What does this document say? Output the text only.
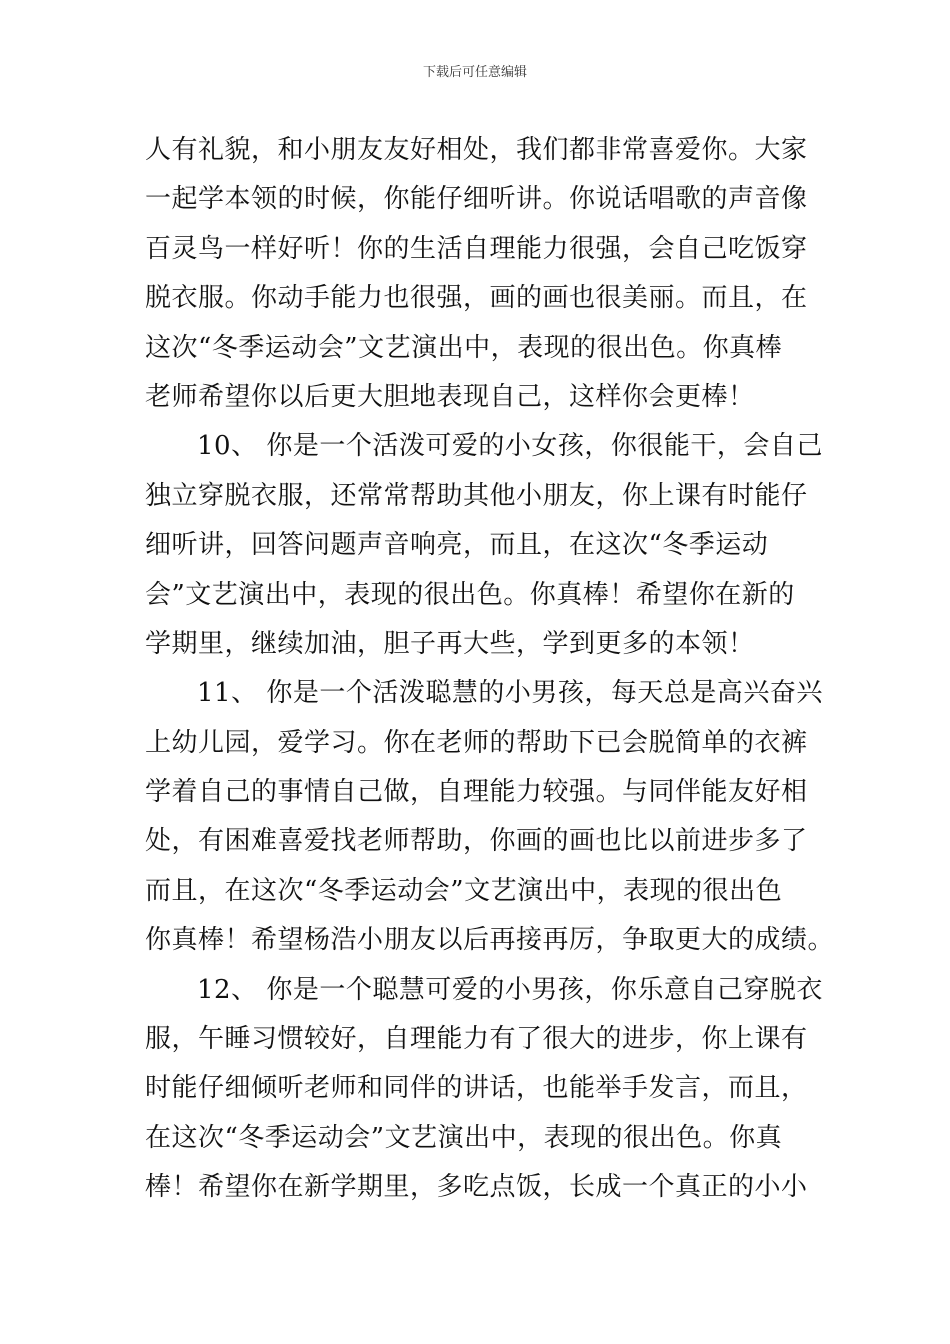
下载后可任意编辑
人有礼貌，和小朋友友好相处，我们都非常喜爱你。大家
一起学本领的时候，你能仔细听讲。你说话唱歌的声音像
百灵鸟一样好听！你的生活自理能力很强，会自己吃饭穿
脱衣服。你动手能力也很强，画的画也很美丽。而且，在
这次“冬季运动会”文艺演出中，表现的很出色。你真棒
老师希望你以后更大胆地表现自己，这样你会更棒！
10、 你是一个活泼可爱的小女孩，你很能干，会自己
独立穿脱衣服，还常常帮助其他小朋友，你上课有时能仔
细听讲，回答问题声音响亮，而且，在这次“冬季运动
会”文艺演出中，表现的很出色。你真棒！希望你在新的
学期里，继续加油，胆子再大些，学到更多的本领！
11、 你是一个活泼聪慧的小男孩，每天总是高兴奋兴
上幼儿园，爱学习。你在老师的帮助下已会脱简单的衣裤
学着自己的事情自己做，自理能力较强。与同伴能友好相
处，有困难喜爱找老师帮助，你画的画也比以前进步多了
而且，在这次“冬季运动会”文艺演出中，表现的很出色
你真棒！希望杨浩小朋友以后再接再厉，争取更大的成绩。
12、 你是一个聪慧可爱的小男孩，你乐意自己穿脱衣
服，午睡习惯较好，自理能力有了很大的进步，你上课有
时能仔细倾听老师和同伴的讲话，也能举手发言，而且，
在这次“冬季运动会”文艺演出中，表现的很出色。你真
棒！希望你在新学期里，多吃点饭，长成一个真正的小小
